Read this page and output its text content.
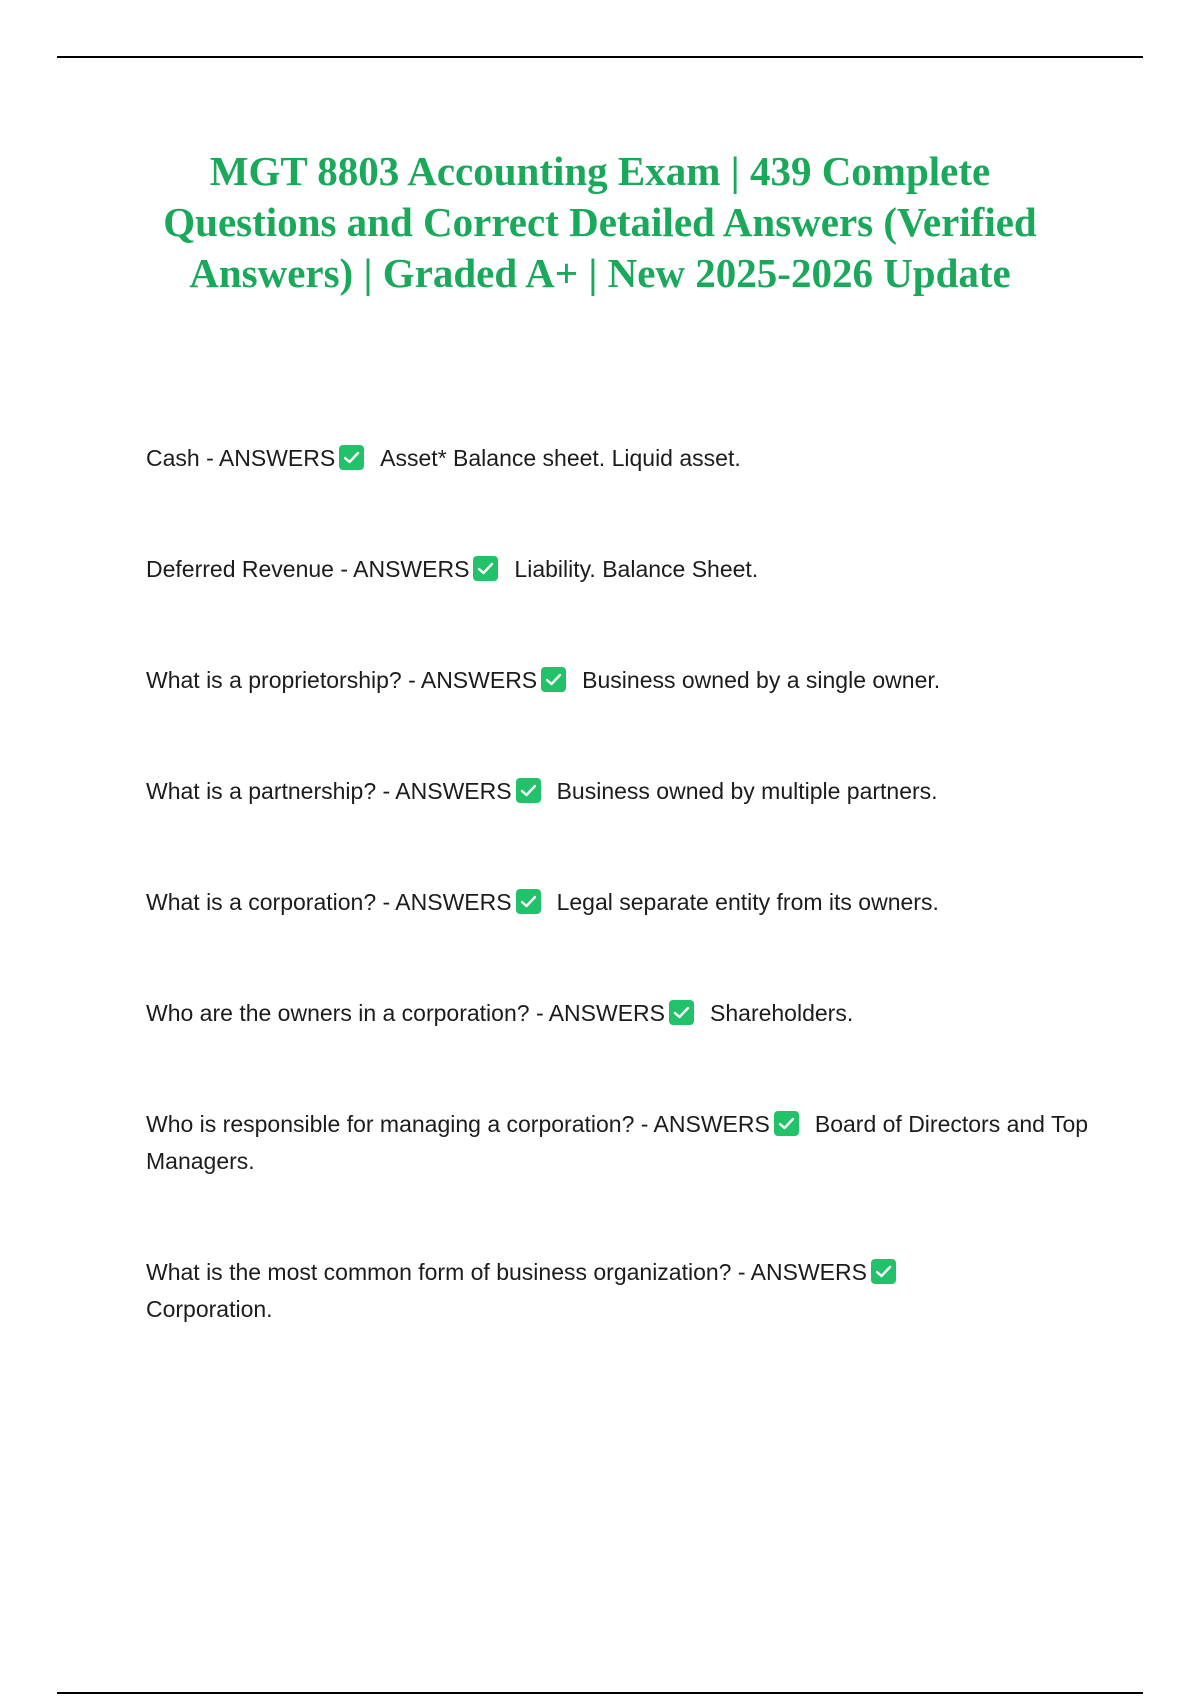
MGT 8803 Accounting Exam | 439 Complete Questions and Correct Detailed Answers (Verified Answers) | Graded A+ | New 2025-2026 Update

Cash - ANSWERS Asset* Balance sheet. Liquid asset.

Deferred Revenue - ANSWERS Liability. Balance Sheet.

What is a proprietorship? - ANSWERS Business owned by a single owner.

What is a partnership? - ANSWERS Business owned by multiple partners.

What is a corporation? - ANSWERS Legal separate entity from its owners.

Who are the owners in a corporation? - ANSWERS Shareholders.

Who is responsible for managing a corporation? - ANSWERS Board of Directors and Top Managers.

What is the most common form of business organization? - ANSWERS

Corporation.
